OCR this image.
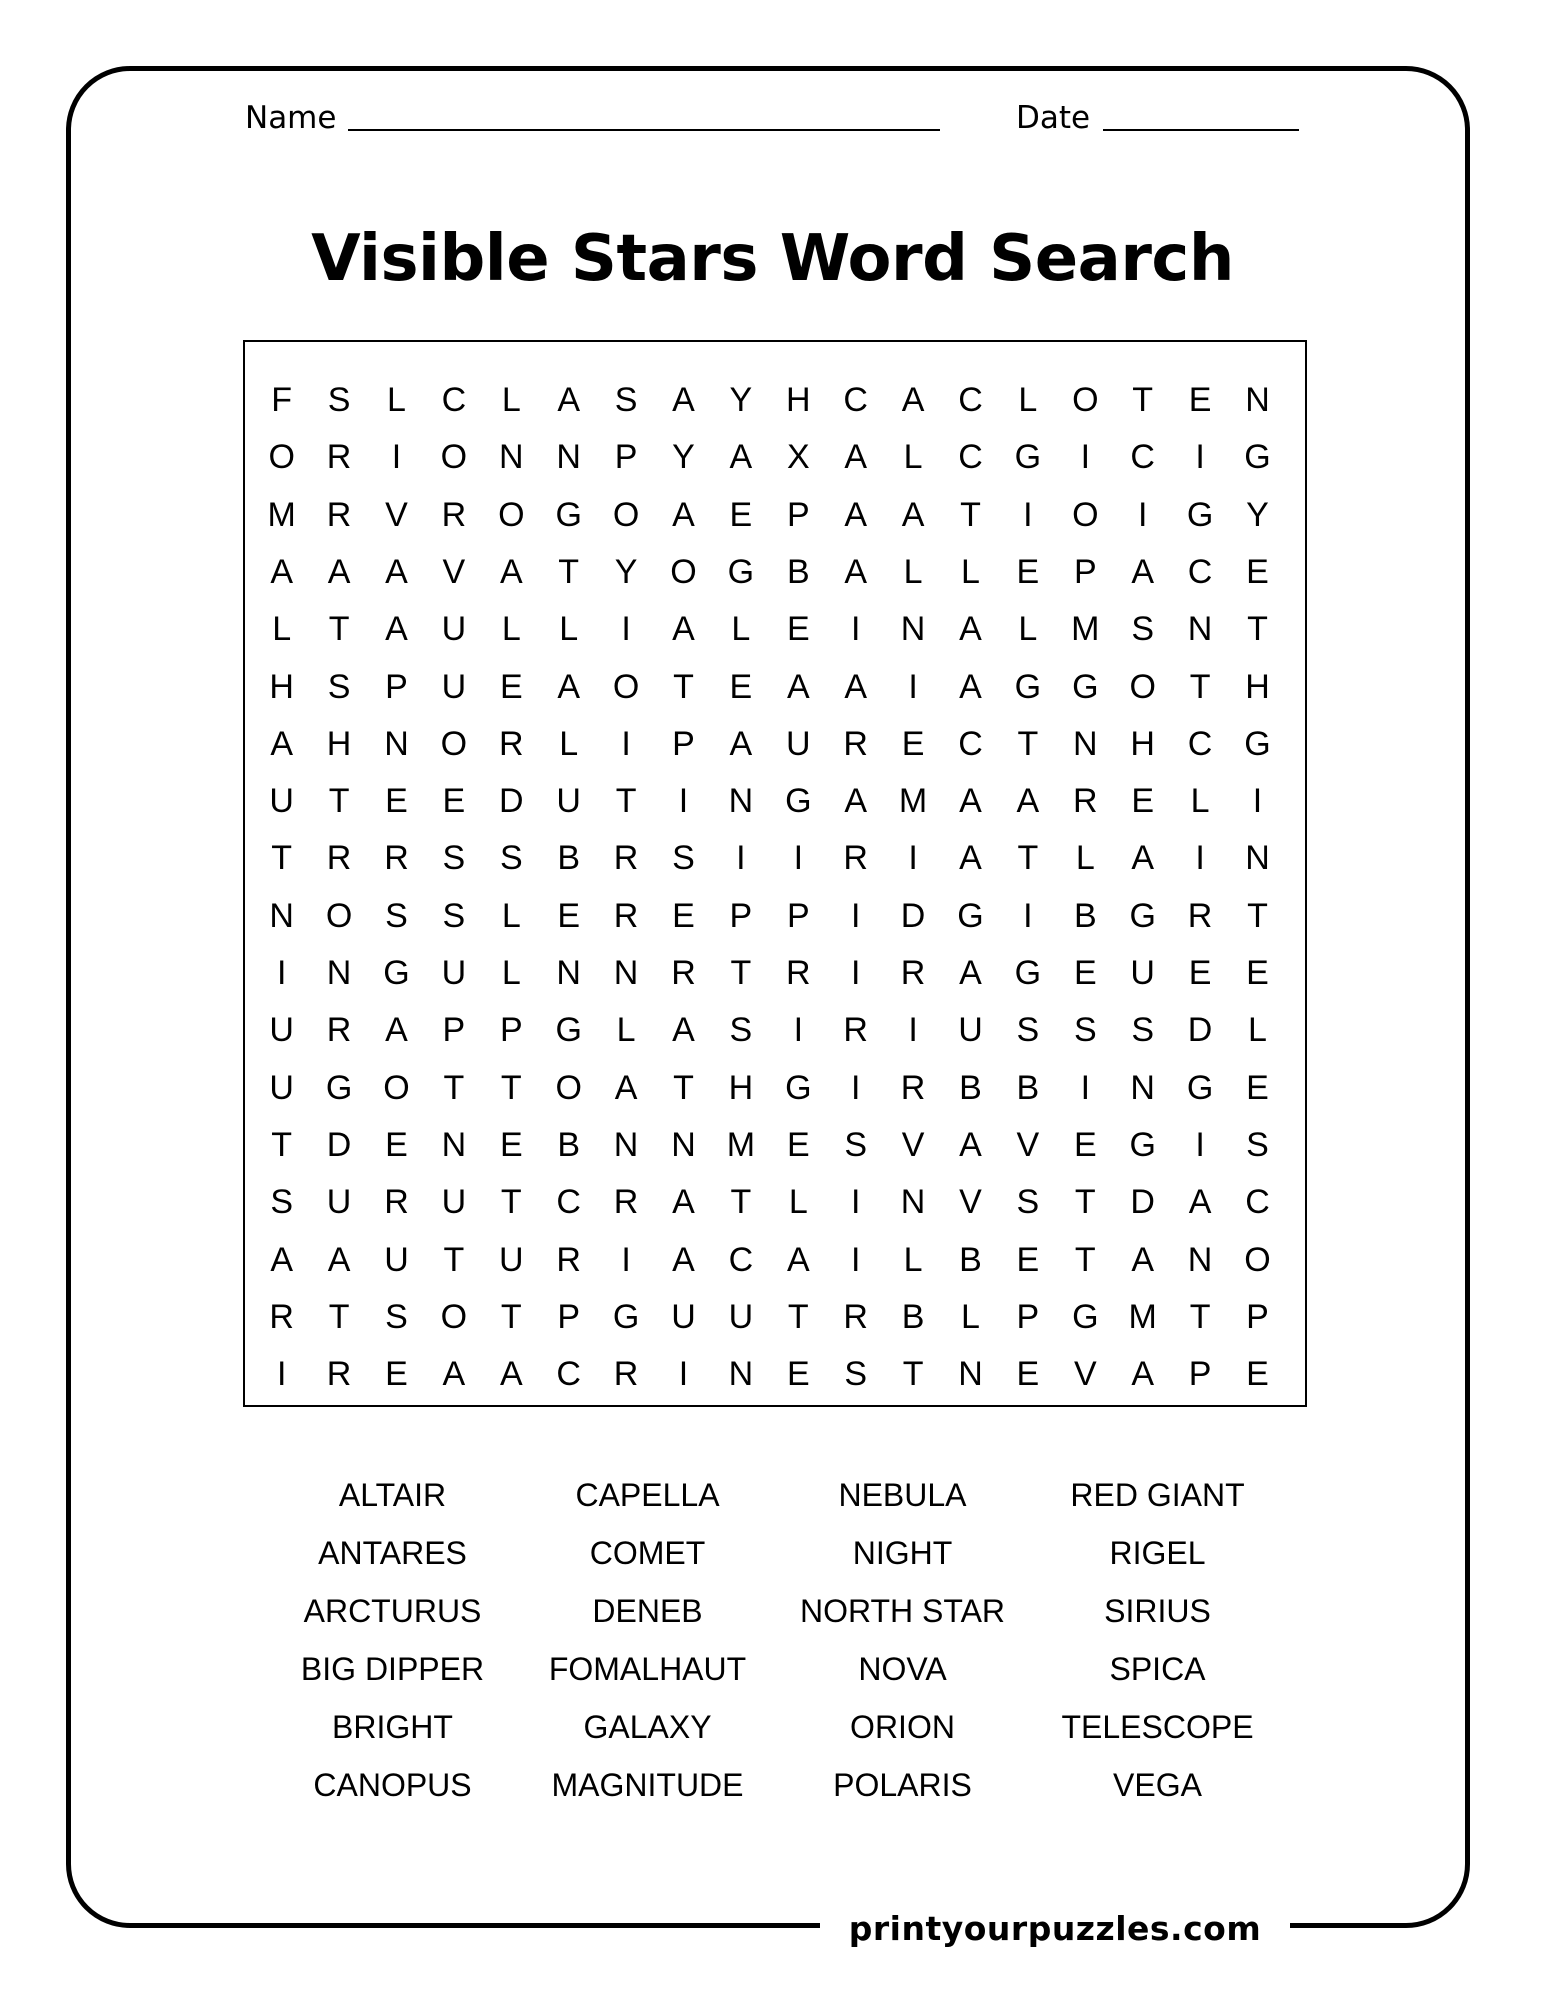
Name	Date
Visible Stars Word Search
F	S	L	C	L	A	S	A	Y H C A C	L	O T	E N
O R	I	O N N P	Y	A	X	A	L	C G	I	C	I	G
M R V R O G O A	E	P	A	A	T	I	O	I	G Y
A	A	A	V	A	T	Y O G B	A	L	L	E	P	A C E
L	T	A U	L	L	I	A	L	E	I	N A	L M S N	T
H S	P U E	A O T	E	A	A	I	A G G O T	H
A H N O R	L	I	P	A U R E C	T	N H C G
U	T	E	E D U	T	I	N G A M A	A R E	L	I
T	R R S	S	B R S	I	I	R	I	A	T	L	A	I	N
N O S	S	L	E R E	P	P	I	D G	I	B G R	T
I	N G U	L	N N R	T	R	I	R A G E U E	E
U R A	P	P G	L	A	S	I	R	I	U S	S	S D	L
U G O T	T O A	T	H G	I	R B	B	I	N G E
T	D E N E	B N N M E	S	V	A	V	E G	I	S
S U R U	T	C R A	T	L	I	N V	S	T	D A C
A	A U	T	U R	I	A C A	I	L	B	E	T	A N O
R	T	S O T	P G U U	T	R B	L	P G M T	P
I	R E	A	A C R	I	N E	S	T	N E	V	A	P	E
ALTAIR	CAPELLA	NEBULA	RED GIANT
ANTARES	COMET	NIGHT	RIGEL
ARCTURUS	DENEB	NORTH STAR	SIRIUS
BIG DIPPER	FOMALHAUT	NOVA	SPICA
BRIGHT	GALAXY	ORION	TELESCOPE
CANOPUS	MAGNITUDE	POLARIS	VEGA
printyourpuzzles.com
